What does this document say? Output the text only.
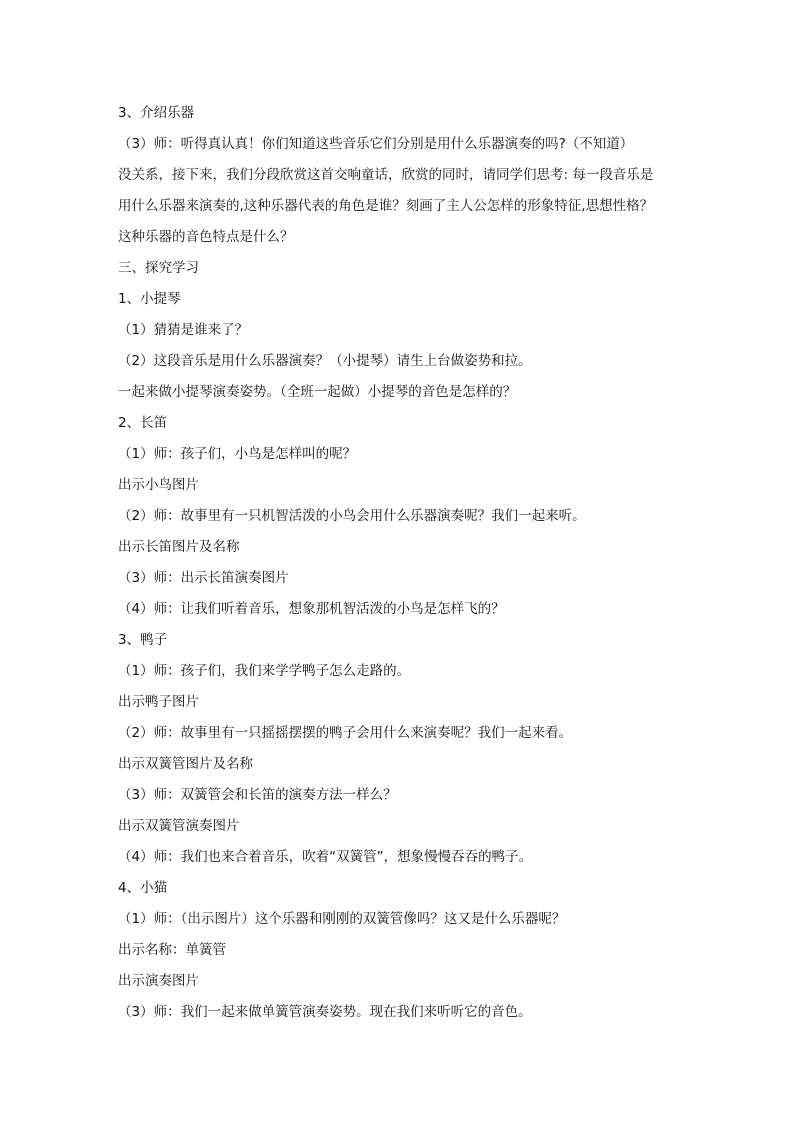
3、介绍乐器
（3）师：听得真认真！你们知道这些音乐它们分别是用什么乐器演奏的吗?（不知道）
没关系，接下来，我们分段欣赏这首交响童话，欣赏的同时，请同学们思考: 每一段音乐是
用什么乐器来演奏的,这种乐器代表的角色是谁？刻画了主人公怎样的形象特征,思想性格？
这种乐器的音色特点是什么？
三、探究学习
1、小提琴
（1）猜猜是谁来了？
（2）这段音乐是用什么乐器演奏？（小提琴）请生上台做姿势和拉。
一起来做小提琴演奏姿势。（全班一起做）小提琴的音色是怎样的？
2、长笛
（1）师：孩子们，小鸟是怎样叫的呢？
出示小鸟图片
（2）师：故事里有一只机智活泼的小鸟会用什么乐器演奏呢？我们一起来听。
出示长笛图片及名称
（3）师：出示长笛演奏图片
（4）师：让我们听着音乐，想象那机智活泼的小鸟是怎样飞的？
3、鸭子
（1）师：孩子们，我们来学学鸭子怎么走路的。
出示鸭子图片
（2）师：故事里有一只摇摇摆摆的鸭子会用什么来演奏呢？我们一起来看。
出示双簧管图片及名称
（3）师：双簧管会和长笛的演奏方法一样么？
出示双簧管演奏图片
（4）师：我们也来合着音乐，吹着“双簧管”，想象慢慢吞吞的鸭子。
4、小猫
（1）师：（出示图片）这个乐器和刚刚的双簧管像吗？这又是什么乐器呢？
出示名称：单簧管
出示演奏图片
（3）师：我们一起来做单簧管演奏姿势。现在我们来听听它的音色。
